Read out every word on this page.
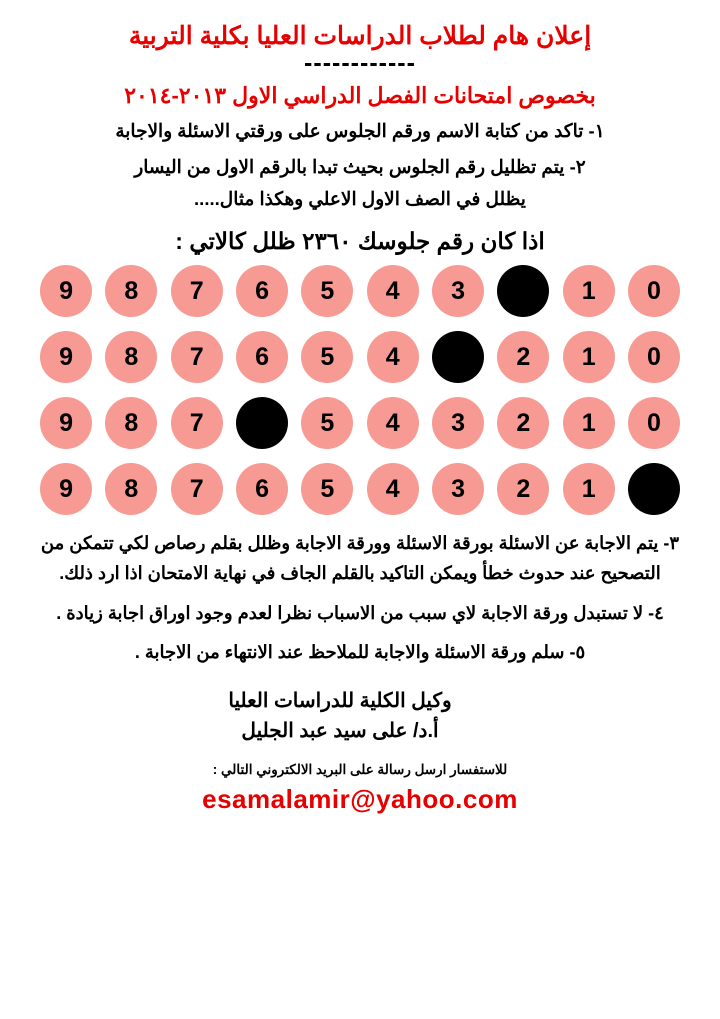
إعلان هام لطلاب الدراسات العليا بكلية التربية
------------
بخصوص امتحانات الفصل الدراسي الاول ٢٠١٣-٢٠١٤
١- تاكد من كتابة الاسم ورقم الجلوس على ورقتي الاسئلة والاجابة
٢- يتم تظليل رقم الجلوس بحيث تبدا بالرقم الاول من اليسار
يظلل في الصف الاول الاعلي وهكذا مثال.....
اذا كان رقم جلوسك ٢٣٦٠ ظلل كالاتي :
0
1
3
4
5
6
7
8
9
0
1
2
4
5
6
7
8
9
0
1
2
3
4
5
7
8
9
1
2
3
4
5
6
7
8
9
٣- يتم الاجابة عن الاسئلة بورقة الاسئلة وورقة الاجابة وظلل بقلم رصاص لكي تتمكن من التصحيح عند حدوث خطأ ويمكن التاكيد بالقلم الجاف في نهاية الامتحان اذا ارد ذلك.
٤- لا تستبدل ورقة الاجابة لاي سبب من الاسباب نظرا لعدم وجود اوراق اجابة زيادة .
٥- سلم ورقة الاسئلة والاجابة للملاحظ عند الانتهاء من الاجابة .
وكيل الكلية للدراسات العليا
أ.د/ على سيد عبد الجليل
للاستفسار ارسل رسالة على البريد الالكتروني التالي :
esamalamir@yahoo.com
